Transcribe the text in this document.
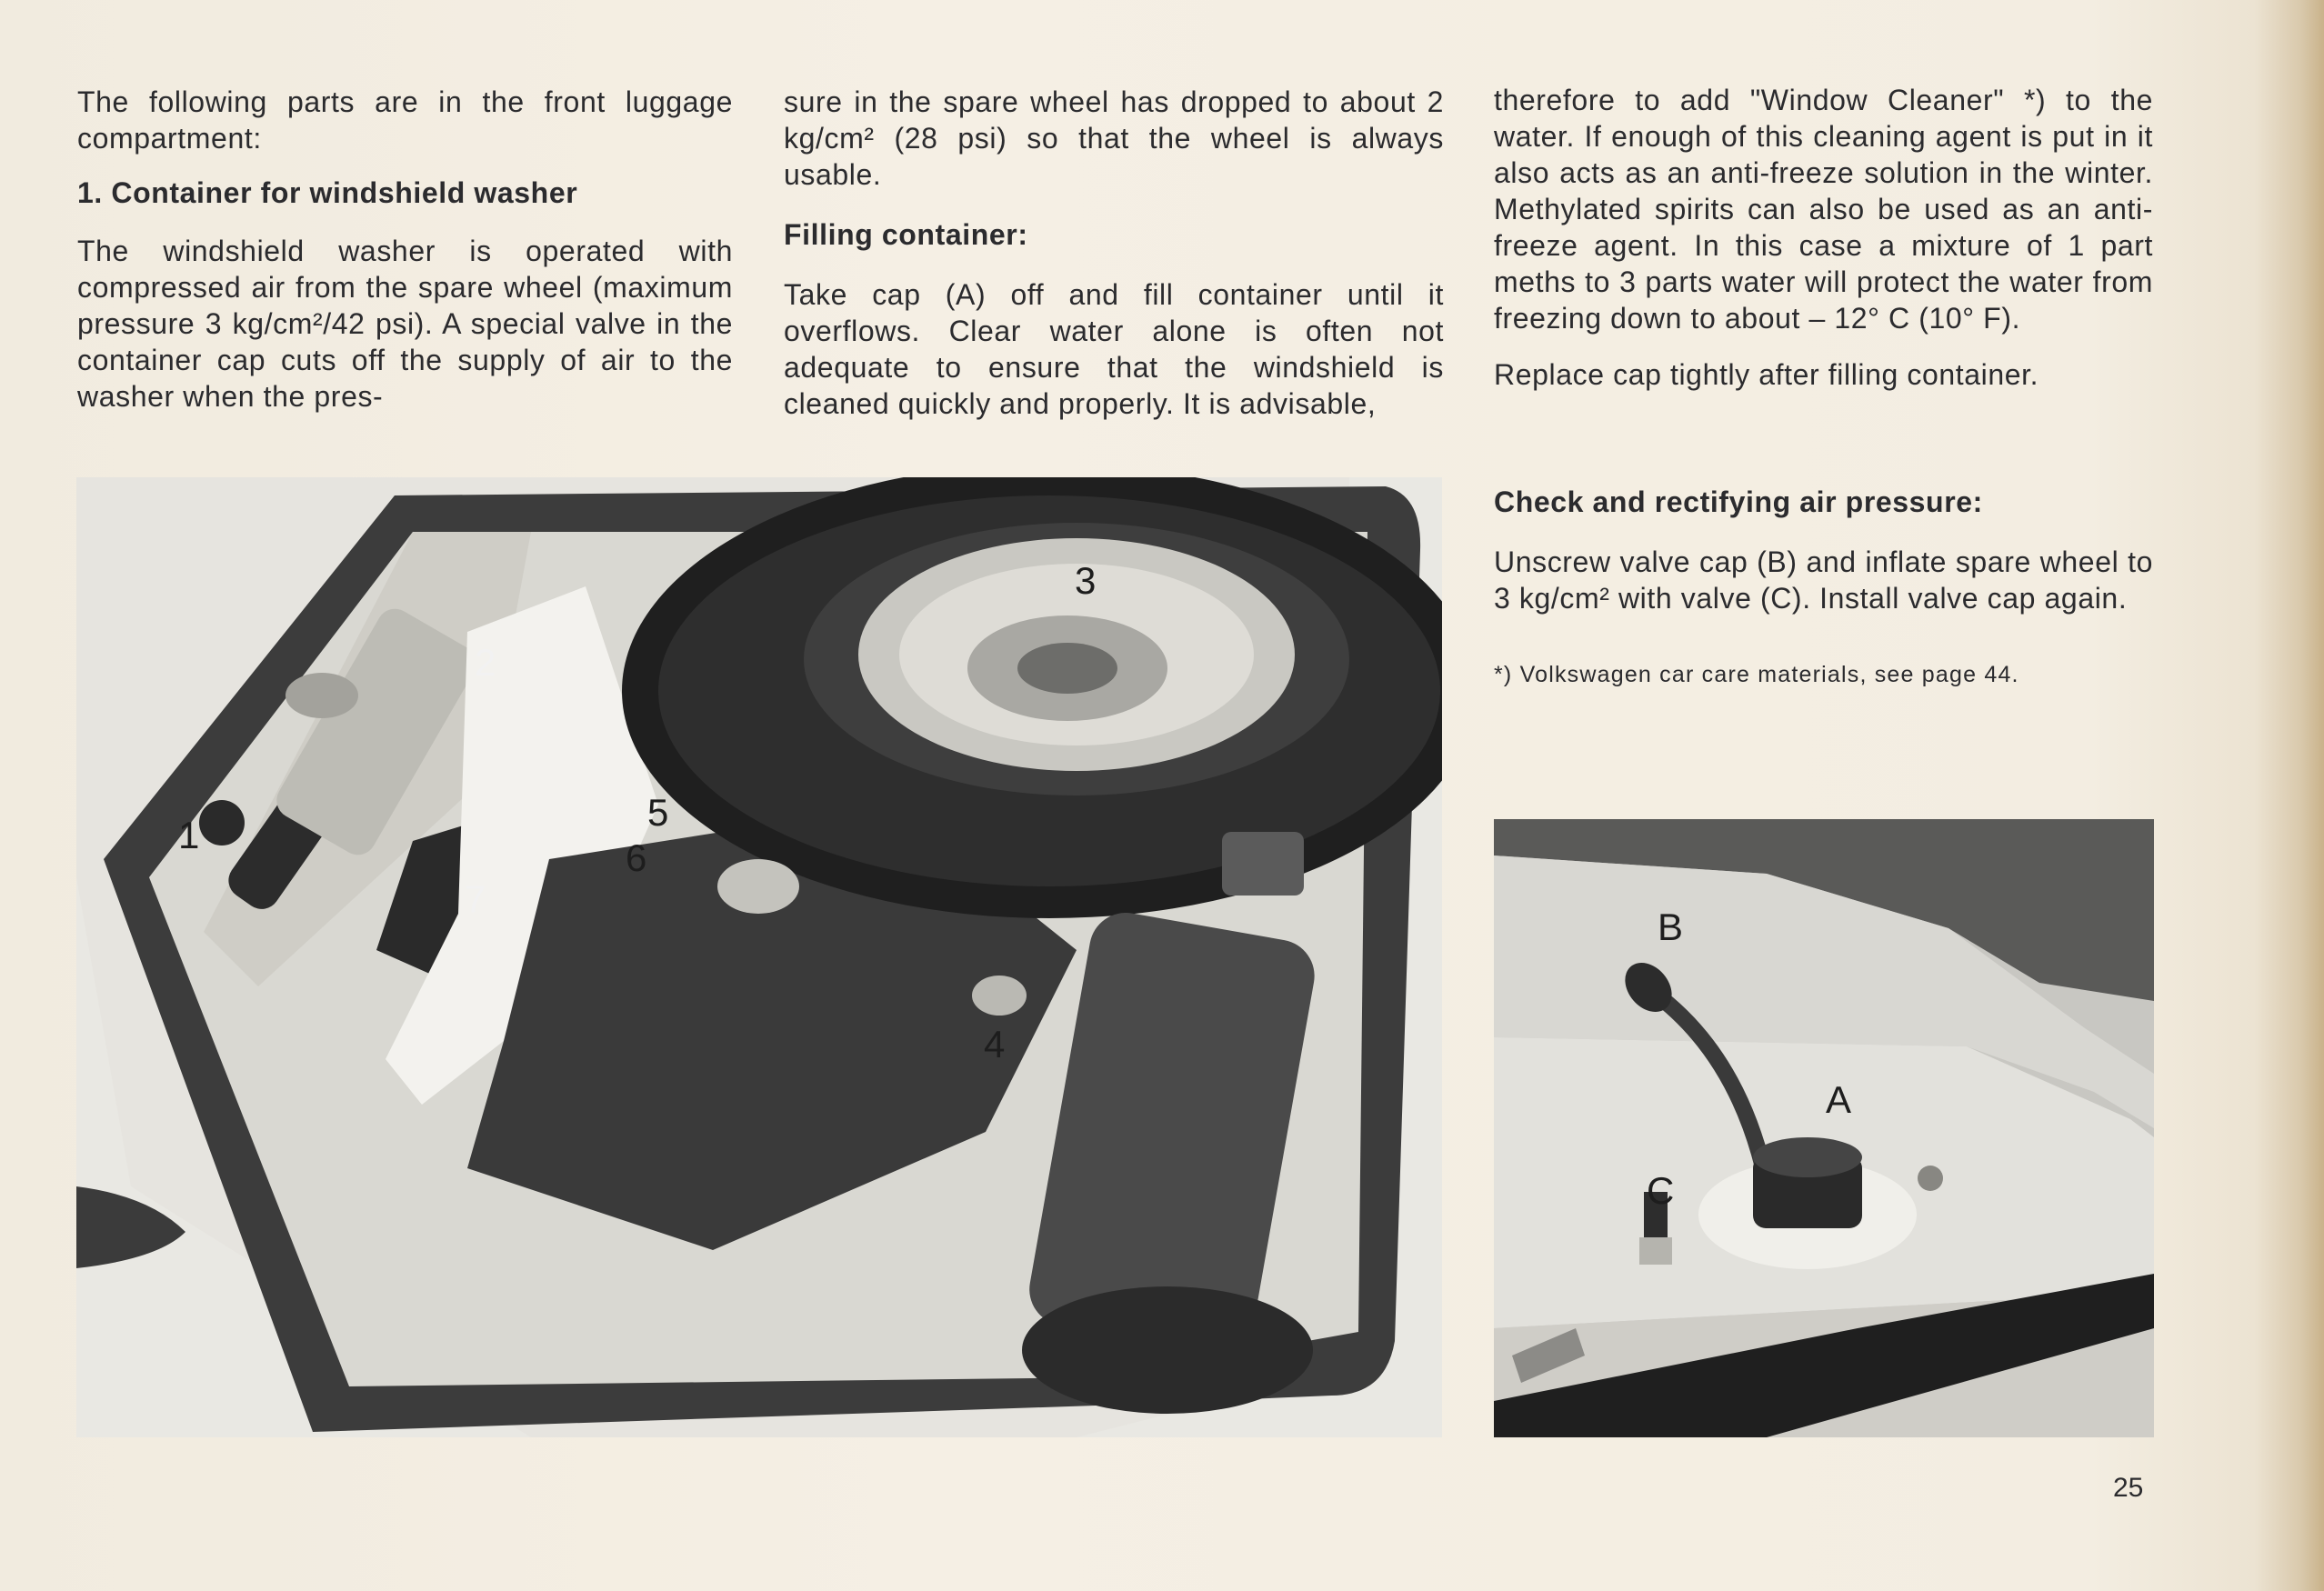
The following parts are in the front luggage compartment:

1. Container for windshield washer

The windshield washer is operated with compressed air from the spare wheel (maximum pressure 3 kg/cm²/42 psi). A special valve in the container cap cuts off the supply of air to the washer when the pres-

sure in the spare wheel has dropped to about 2 kg/cm² (28 psi) so that the wheel is always usable.

Filling container:

Take cap (A) off and fill container until it overflows. Clear water alone is often not adequate to ensure that the windshield is cleaned quickly and properly. It is advisable,

therefore to add "Window Cleaner" *) to the water. If enough of this cleaning agent is put in it also acts as an anti-freeze solution in the winter. Methylated spirits can also be used as an anti-freeze agent. In this case a mixture of 1 part meths to 3 parts water will protect the water from freezing down to about – 12° C (10° F).

Replace cap tightly after filling container.

Check and rectifying air pressure:

Unscrew valve cap (B) and inflate spare wheel to 3 kg/cm² with valve (C). Install valve cap again.

*) Volkswagen car care materials, see page 44.

1
2
3
4
5
6
7
A
B
C
25
